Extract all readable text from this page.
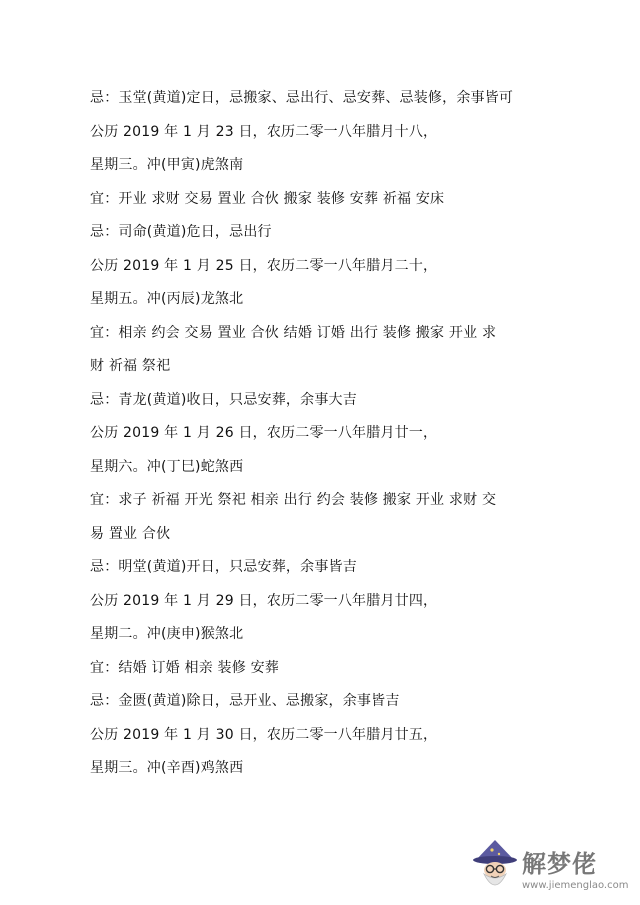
忌：玉堂(黄道)定日，忌搬家、忌出行、忌安葬、忌装修，余事皆可
公历 2019 年 1 月 23 日，农历二零一八年腊月十八，
星期三。冲(甲寅)虎煞南
宜：开业 求财 交易 置业 合伙 搬家 装修 安葬 祈福 安床
忌：司命(黄道)危日，忌出行
公历 2019 年 1 月 25 日，农历二零一八年腊月二十，
星期五。冲(丙辰)龙煞北
宜：相亲 约会 交易 置业 合伙 结婚 订婚 出行 装修 搬家 开业 求
财 祈福 祭祀
忌：青龙(黄道)收日，只忌安葬，余事大吉
公历 2019 年 1 月 26 日，农历二零一八年腊月廿一，
星期六。冲(丁巳)蛇煞西
宜：求子 祈福 开光 祭祀 相亲 出行 约会 装修 搬家 开业 求财 交
易 置业 合伙
忌：明堂(黄道)开日，只忌安葬，余事皆吉
公历 2019 年 1 月 29 日，农历二零一八年腊月廿四，
星期二。冲(庚申)猴煞北
宜：结婚 订婚 相亲 装修 安葬
忌：金匮(黄道)除日，忌开业、忌搬家，余事皆吉
公历 2019 年 1 月 30 日，农历二零一八年腊月廿五，
星期三。冲(辛酉)鸡煞西
解梦佬
www.jiemenglao.com
